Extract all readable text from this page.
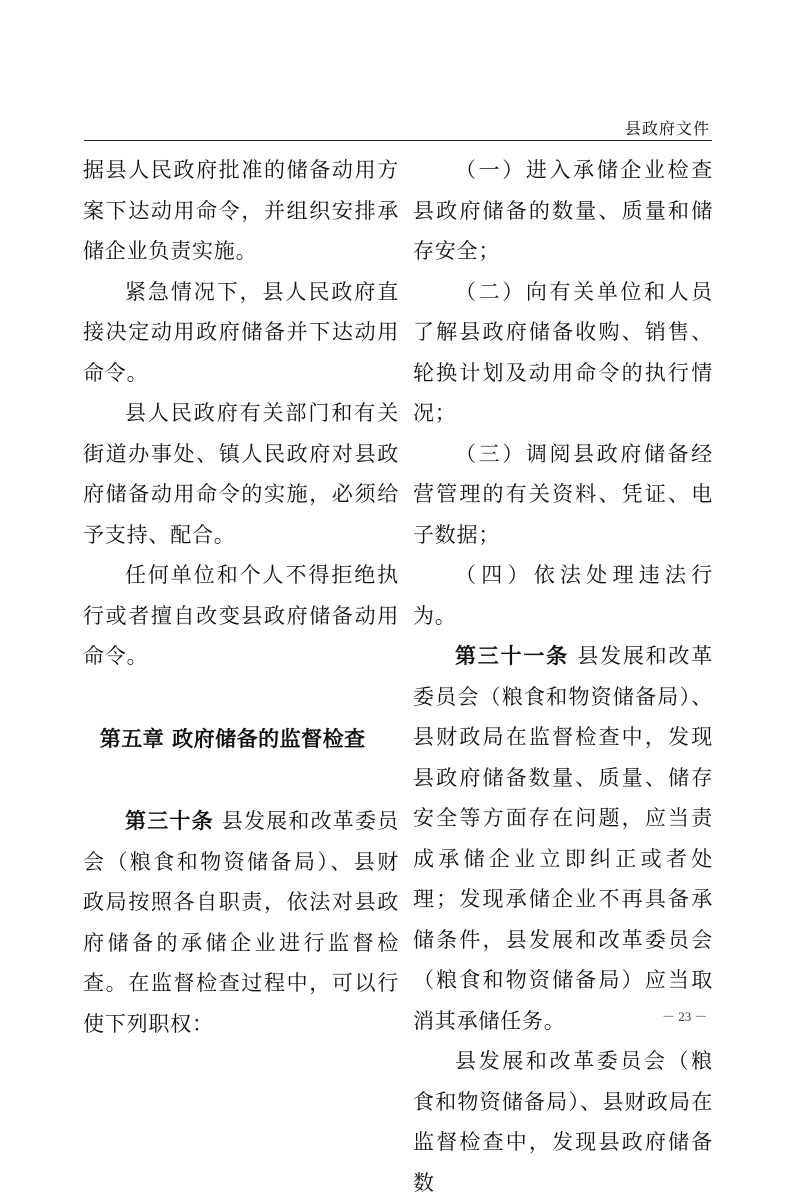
县政府文件

据县人民政府批准的储备动用方案下达动用命令，并组织安排承储企业负责实施。

紧急情况下，县人民政府直接决定动用政府储备并下达动用命令。

县人民政府有关部门和有关街道办事处、镇人民政府对县政府储备动用命令的实施，必须给予支持、配合。

任何单位和个人不得拒绝执行或者擅自改变县政府储备动用命令。

第五章 政府储备的监督检查

第三十条 县发展和改革委员会（粮食和物资储备局）、县财政局按照各自职责，依法对县政府储备的承储企业进行监督检查。在监督检查过程中，可以行使下列职权：

（一）进入承储企业检查县政府储备的数量、质量和储存安全；

（二）向有关单位和人员了解县政府储备收购、销售、轮换计划及动用命令的执行情况；

（三）调阅县政府储备经营管理的有关资料、凭证、电子数据；

（四）依法处理违法行为。

第三十一条 县发展和改革委员会（粮食和物资储备局）、县财政局在监督检查中，发现县政府储备数量、质量、储存安全等方面存在问题，应当责成承储企业立即纠正或者处理；发现承储企业不再具备承储条件，县发展和改革委员会（粮食和物资储备局）应当取消其承储任务。

县发展和改革委员会（粮食和物资储备局）、县财政局在监督检查中，发现县政府储备数

－ 23 －
